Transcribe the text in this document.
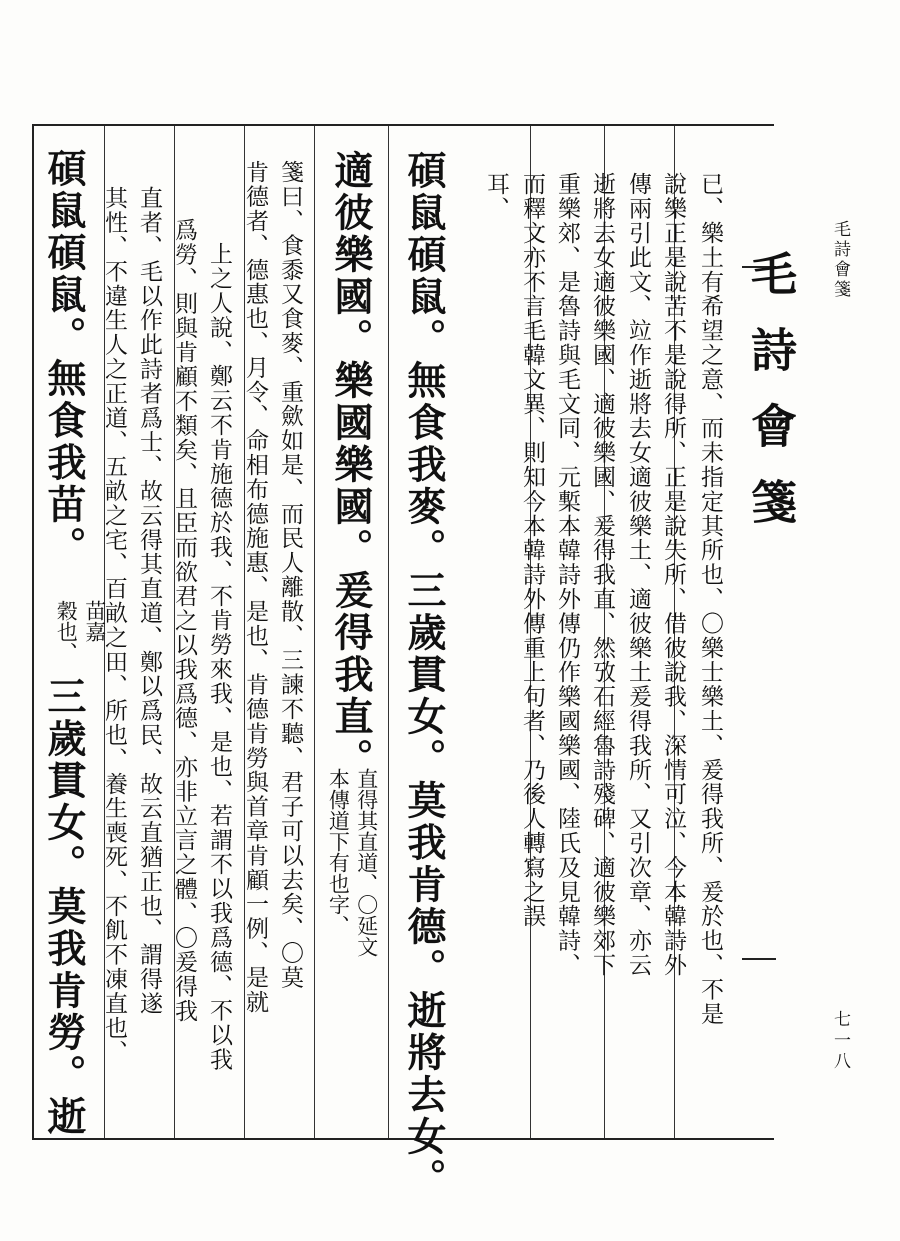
毛詩會箋	毛詩會箋
七一八
已、樂土有希望之意、而未指定其所也、〇樂士樂土、爰得我所、爰於也、不是
說樂正是說苦不是說得所、正是說失所、借彼說我、深情可泣、今本韓詩外
傳兩引此文、竝作逝將去女適彼樂土、適彼樂土爰得我所、又引次章、亦云
逝將去女適彼樂國、適彼樂國、爰得我直、然攷石經魯詩殘碑、適彼樂郊下
重樂郊、是魯詩與毛文同、元槧本韓詩外傳仍作樂國樂國、陸氏及見韓詩、
而釋文亦不言毛韓文異、則知今本韓詩外傳重上句者、乃後人轉寫之誤
耳、
碩鼠碩鼠。無食我麥。三歲貫女。莫我肯德。逝將去女。
適彼樂國。樂國樂國。爰得我直。
直得其直道、〇延文
本傳道下有也字、
箋曰、食黍又食麥、重歛如是、而民人離散、三諫不聽、君子可以去矣、〇莫
肯德者、德惠也、月令、命相布德施惠、是也、肯德肯勞與首章肯顧一例、是就
上之人說、鄭云不肯施德於我、不肯勞來我、是也、若謂不以我爲德、不以我
爲勞、則與肯顧不類矣、且臣而欲君之以我爲德、亦非立言之體、〇爰得我
直者、毛以作此詩者爲士、故云得其直道、鄭以爲民、故云直猶正也、謂得遂
其性、不違生人之正道、五畝之宅、百畝之田、所也、養生喪死、不飢不凍直也、
碩鼠碩鼠。無食我苗。
苗嘉
穀也、
三歲貫女。莫我肯勞。逝
